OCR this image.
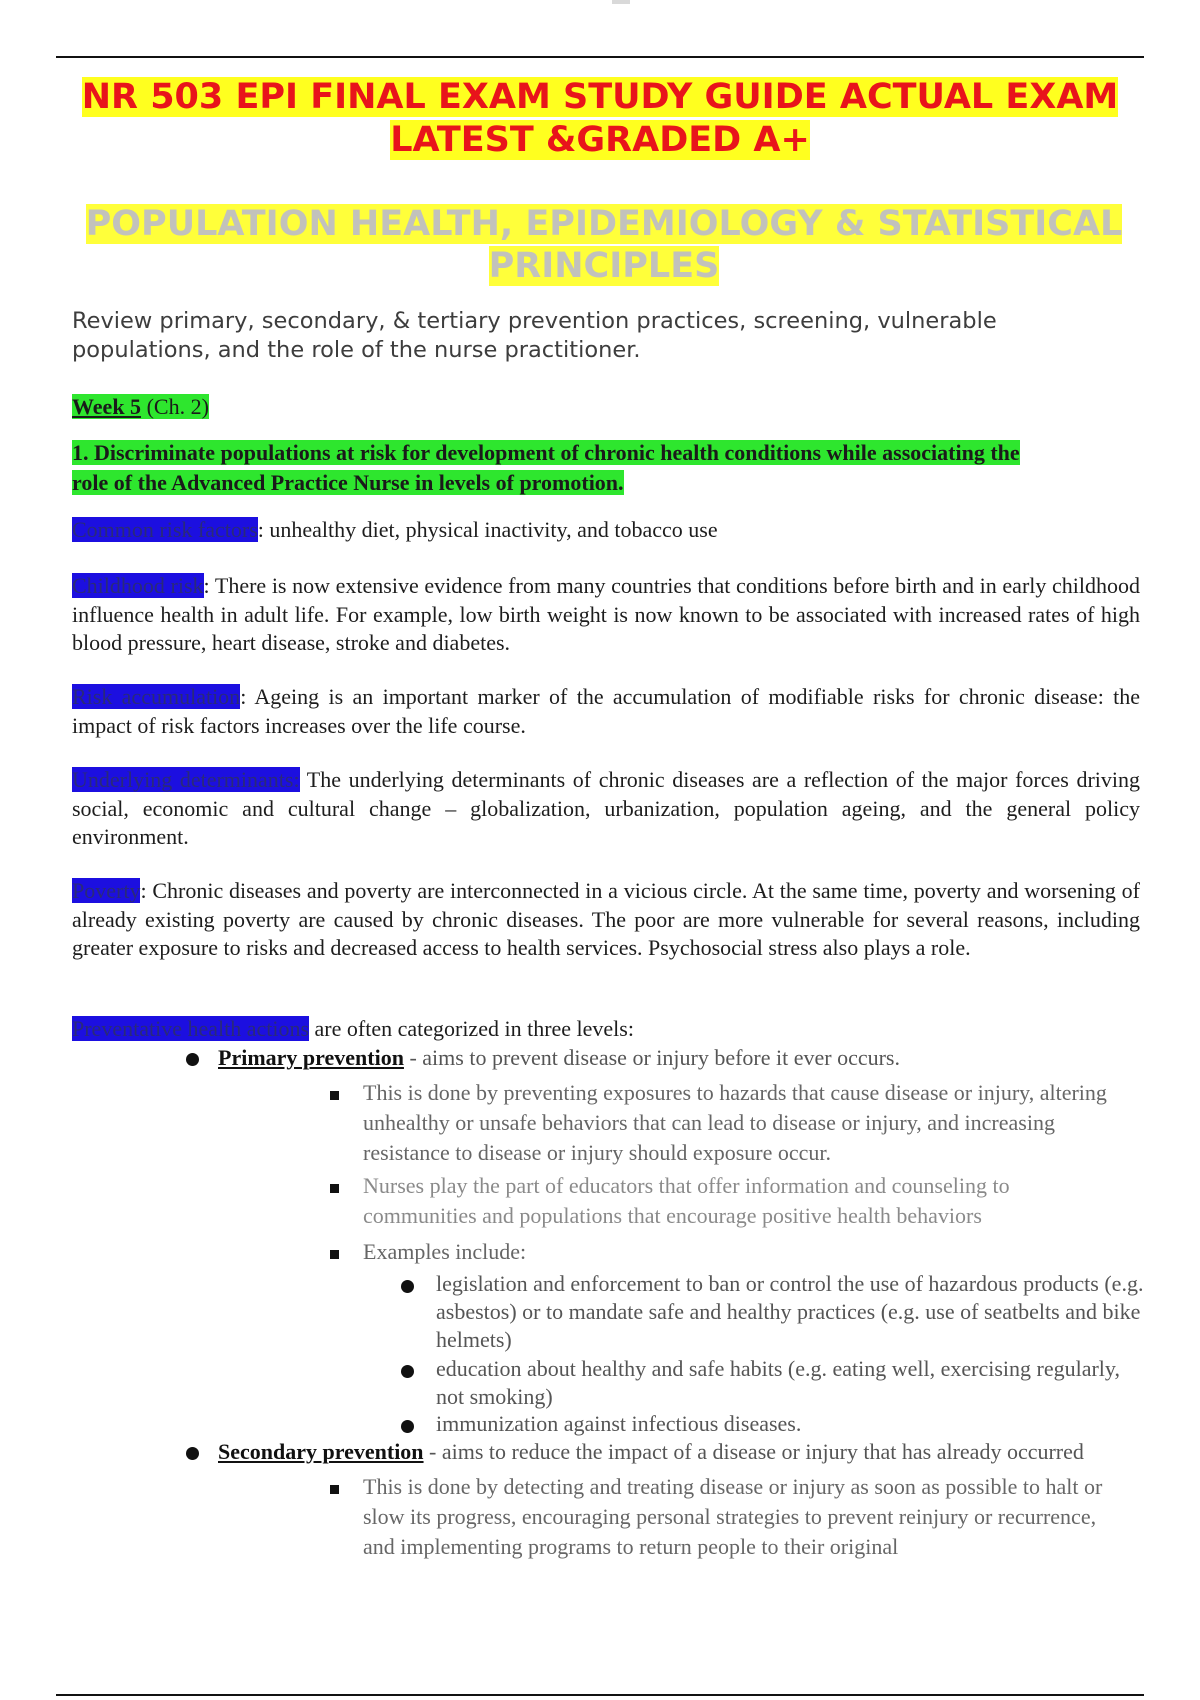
NR 503 EPI FINAL EXAM STUDY GUIDE ACTUAL EXAM
LATEST &GRADED A+
POPULATION HEALTH, EPIDEMIOLOGY & STATISTICAL
PRINCIPLES
Review primary, secondary, & tertiary prevention practices, screening, vulnerable
populations, and the role of the nurse practitioner.
Week 5 (Ch. 2)
1. Discriminate populations at risk for development of chronic health conditions while associating the
role of the Advanced Practice Nurse in levels of promotion.
Common risk factors: unhealthy diet, physical inactivity, and tobacco use
Childhood risk: There is now extensive evidence from many countries that conditions before birth and in early childhood influence health in adult life. For example, low birth weight is now known to be associated with increased rates of high blood pressure, heart disease, stroke and diabetes.
Risk accumulation: Ageing is an important marker of the accumulation of modifiable risks for chronic disease: the impact of risk factors increases over the life course.
Underlying determinants: The underlying determinants of chronic diseases are a reflection of the major forces driving social, economic and cultural change – globalization, urbanization, population ageing, and the general policy environment.
Poverty: Chronic diseases and poverty are interconnected in a vicious circle. At the same time, poverty and worsening of already existing poverty are caused by chronic diseases. The poor are more vulnerable for several reasons, including greater exposure to risks and decreased access to health services. Psychosocial stress also plays a role.
Preventative health actions are often categorized in three levels:
Primary prevention - aims to prevent disease or injury before it ever occurs.
This is done by preventing exposures to hazards that cause disease or injury, altering unhealthy or unsafe behaviors that can lead to disease or injury, and increasing resistance to disease or injury should exposure occur.
Nurses play the part of educators that offer information and counseling to communities and populations that encourage positive health behaviors
Examples include:
legislation and enforcement to ban or control the use of hazardous products (e.g. asbestos) or to mandate safe and healthy practices (e.g. use of seatbelts and bike helmets)
education about healthy and safe habits (e.g. eating well, exercising regularly, not smoking)
immunization against infectious diseases.
Secondary prevention - aims to reduce the impact of a disease or injury that has already occurred
This is done by detecting and treating disease or injury as soon as possible to halt or slow its progress, encouraging personal strategies to prevent reinjury or recurrence, and implementing programs to return people to their original
